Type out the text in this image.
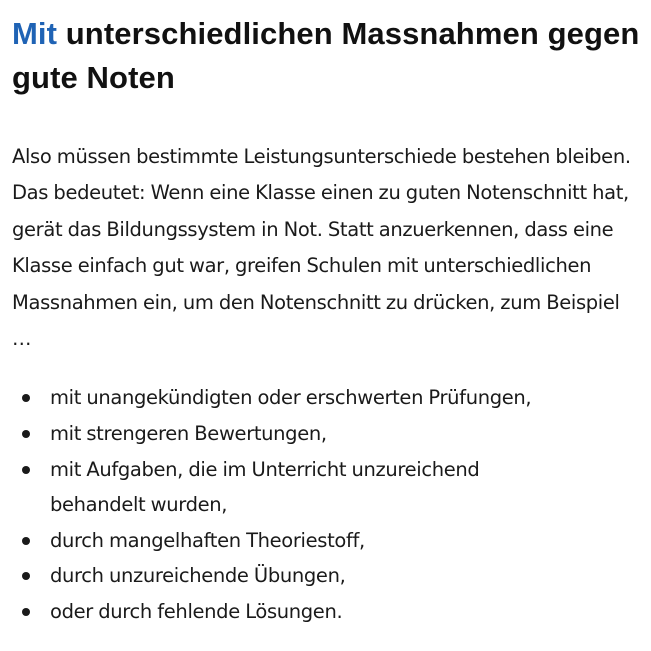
Mit unterschiedlichen Massnahmen gegen gute Noten

Also müssen bestimmte Leistungsunterschiede bestehen bleiben. Das bedeutet: Wenn eine Klasse einen zu guten Notenschnitt hat, gerät das Bildungssystem in Not. Statt anzuerkennen, dass eine Klasse einfach gut war, greifen Schulen mit unterschiedlichen Massnahmen ein, um den Notenschnitt zu drücken, zum Beispiel …

mit unangekündigten oder erschwerten Prüfungen,
mit strengeren Bewertungen,
mit Aufgaben, die im Unterricht unzureichend behandelt wurden,
durch mangelhaften Theoriestoff,
durch unzureichende Übungen,
oder durch fehlende Lösungen.
